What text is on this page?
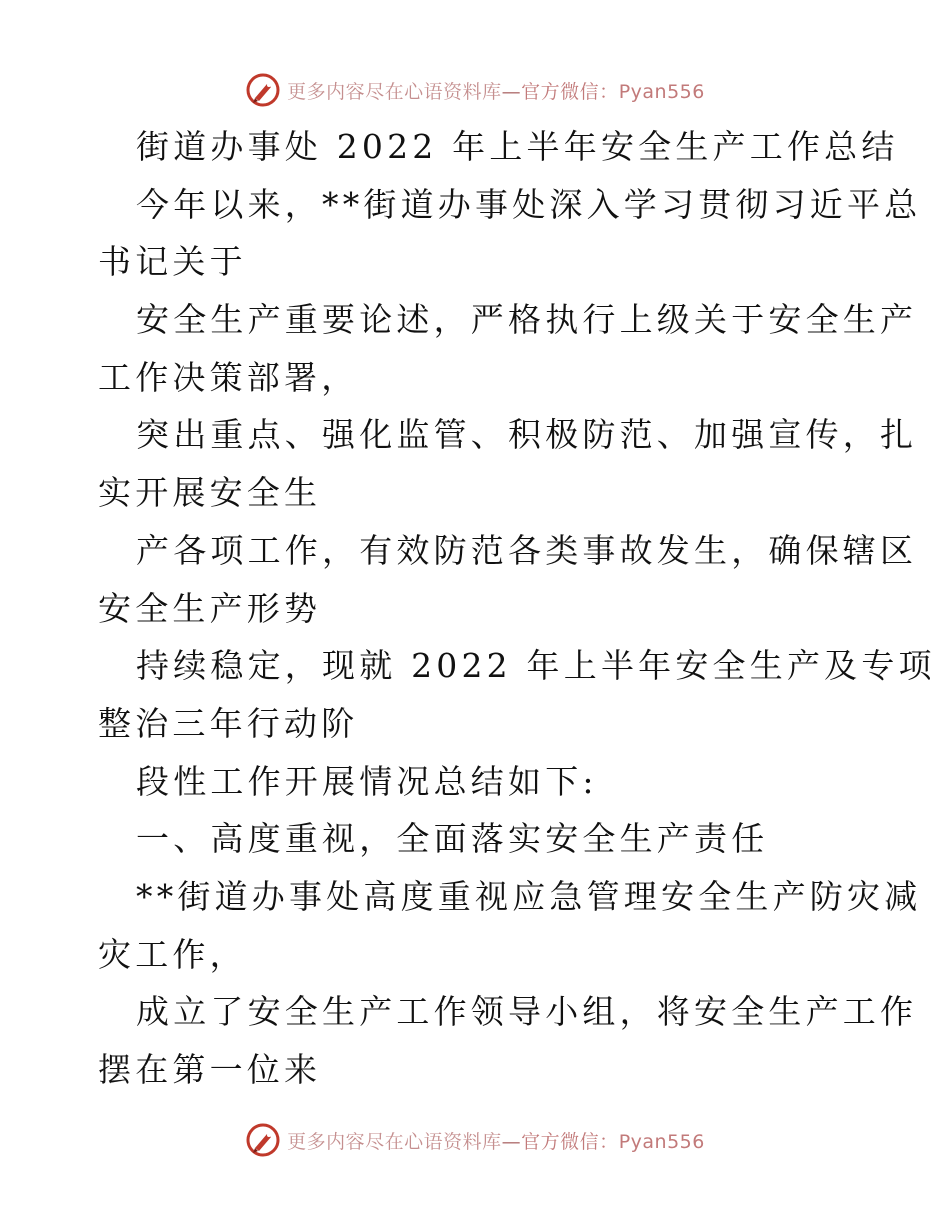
更多内容尽在心语资料库—官方微信：Pyan556
街道办事处 2022 年上半年安全生产工作总结
今年以来，**街道办事处深入学习贯彻习近平总
书记关于
安全生产重要论述，严格执行上级关于安全生产
工作决策部署，
突出重点、强化监管、积极防范、加强宣传，扎
实开展安全生
产各项工作，有效防范各类事故发生，确保辖区
安全生产形势
持续稳定，现就 2022 年上半年安全生产及专项
整治三年行动阶
段性工作开展情况总结如下:
一、高度重视，全面落实安全生产责任
**街道办事处高度重视应急管理安全生产防灾减
灾工作，
成立了安全生产工作领导小组，将安全生产工作
摆在第一位来
更多内容尽在心语资料库—官方微信：Pyan556
